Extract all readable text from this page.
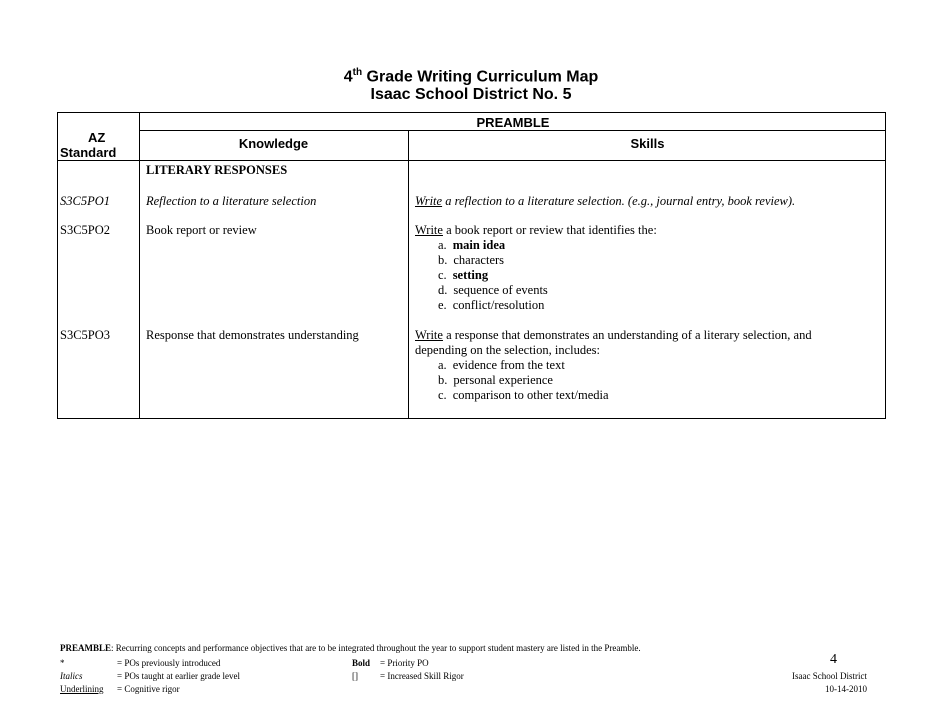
4th Grade Writing Curriculum Map
Isaac School District No. 5
PREAMBLE
AZ
Standard
Knowledge	Skills
LITERARY RESPONSES
S3C5PO1	Reflection to a literature selection	Write a reflection to a literature selection. (e.g., journal entry, book review).
S3C5PO2	Book report or review	Write a book report or review that identifies the:
a. main idea
b. characters
c. setting
d. sequence of events
e. conflict/resolution
S3C5PO3	Response that demonstrates understanding	Write a response that demonstrates an understanding of a literary selection, and
depending on the selection, includes:
a. evidence from the text
b. personal experience
c. comparison to other text/media
PREAMBLE: Recurring concepts and performance objectives that are to be integrated throughout the year to support student mastery are listed in the Preamble.
*	= POs previously introduced
Italics	= POs taught at earlier grade level
Underlining = Cognitive rigor
Bold = Priority PO
[] = Increased Skill Rigor
4
Isaac School District
10-14-2010
